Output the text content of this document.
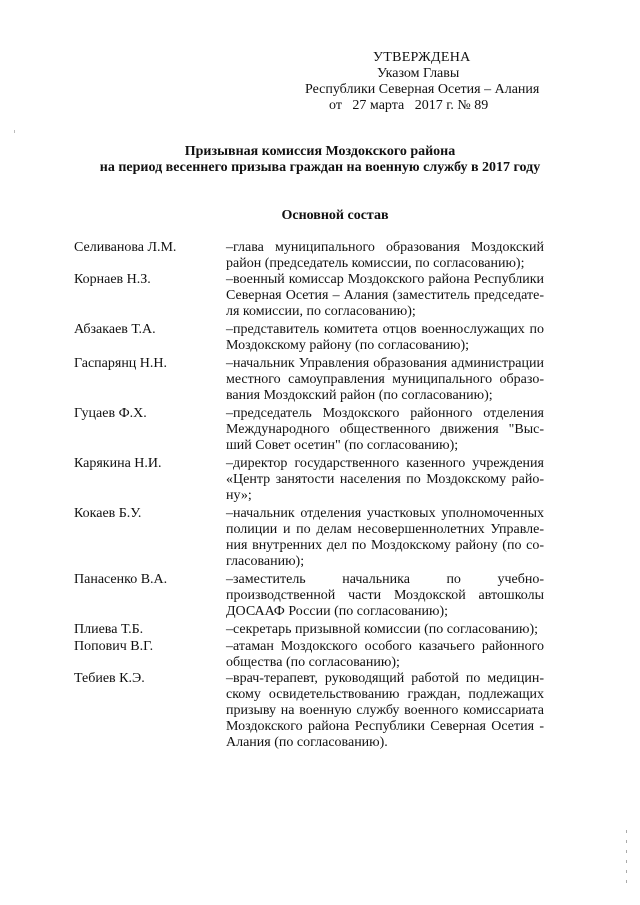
УТВЕРЖДЕНА
Указом Главы
Республики Северная Осетия – Алания
от   27 марта   2017 г. № 89
Призывная комиссия Моздокского района
на период весеннего призыва граждан на военную службу в 2017 году
Основной состав
Селиванова Л.М.	–глава муниципального образования Моздокский
район (председатель комиссии, по согласованию);
Корнаев Н.З.	–военный комиссар Моздокского района Республики
Северная Осетия – Алания (заместитель председате-
ля комиссии, по согласованию);
Абзакаев Т.А.	–представитель комитета отцов военнослужащих по
Моздокскому району (по согласованию);
Гаспарянц Н.Н.	–начальник Управления образования администрации
местного самоуправления муниципального образо-
вания Моздокский район (по согласованию);
Гуцаев Ф.Х.	–председатель Моздокского районного отделения
Международного общественного движения "Выс-
ший Совет осетин" (по согласованию);
Карякина Н.И.	–директор государственного казенного учреждения
«Центр занятости населения по Моздокскому райо-
ну»;
Кокаев Б.У.	–начальник отделения участковых уполномоченных
полиции и по делам несовершеннолетних Управле-
ния внутренних дел по Моздокскому району (по со-
гласованию);
Панасенко В.А.	–заместитель начальника по учебно-
производственной части Моздокской автошколы
ДОСААФ России (по согласованию);
Плиева Т.Б.	–секретарь призывной комиссии (по согласованию);
Попович В.Г.	–атаман Моздокского особого казачьего районного
общества (по согласованию);
Тебиев К.Э.	–врач-терапевт, руководящий работой по медицин-
скому освидетельствованию граждан, подлежащих
призыву на военную службу военного комиссариата
Моздокского района Республики Северная Осетия -
Алания (по согласованию).
